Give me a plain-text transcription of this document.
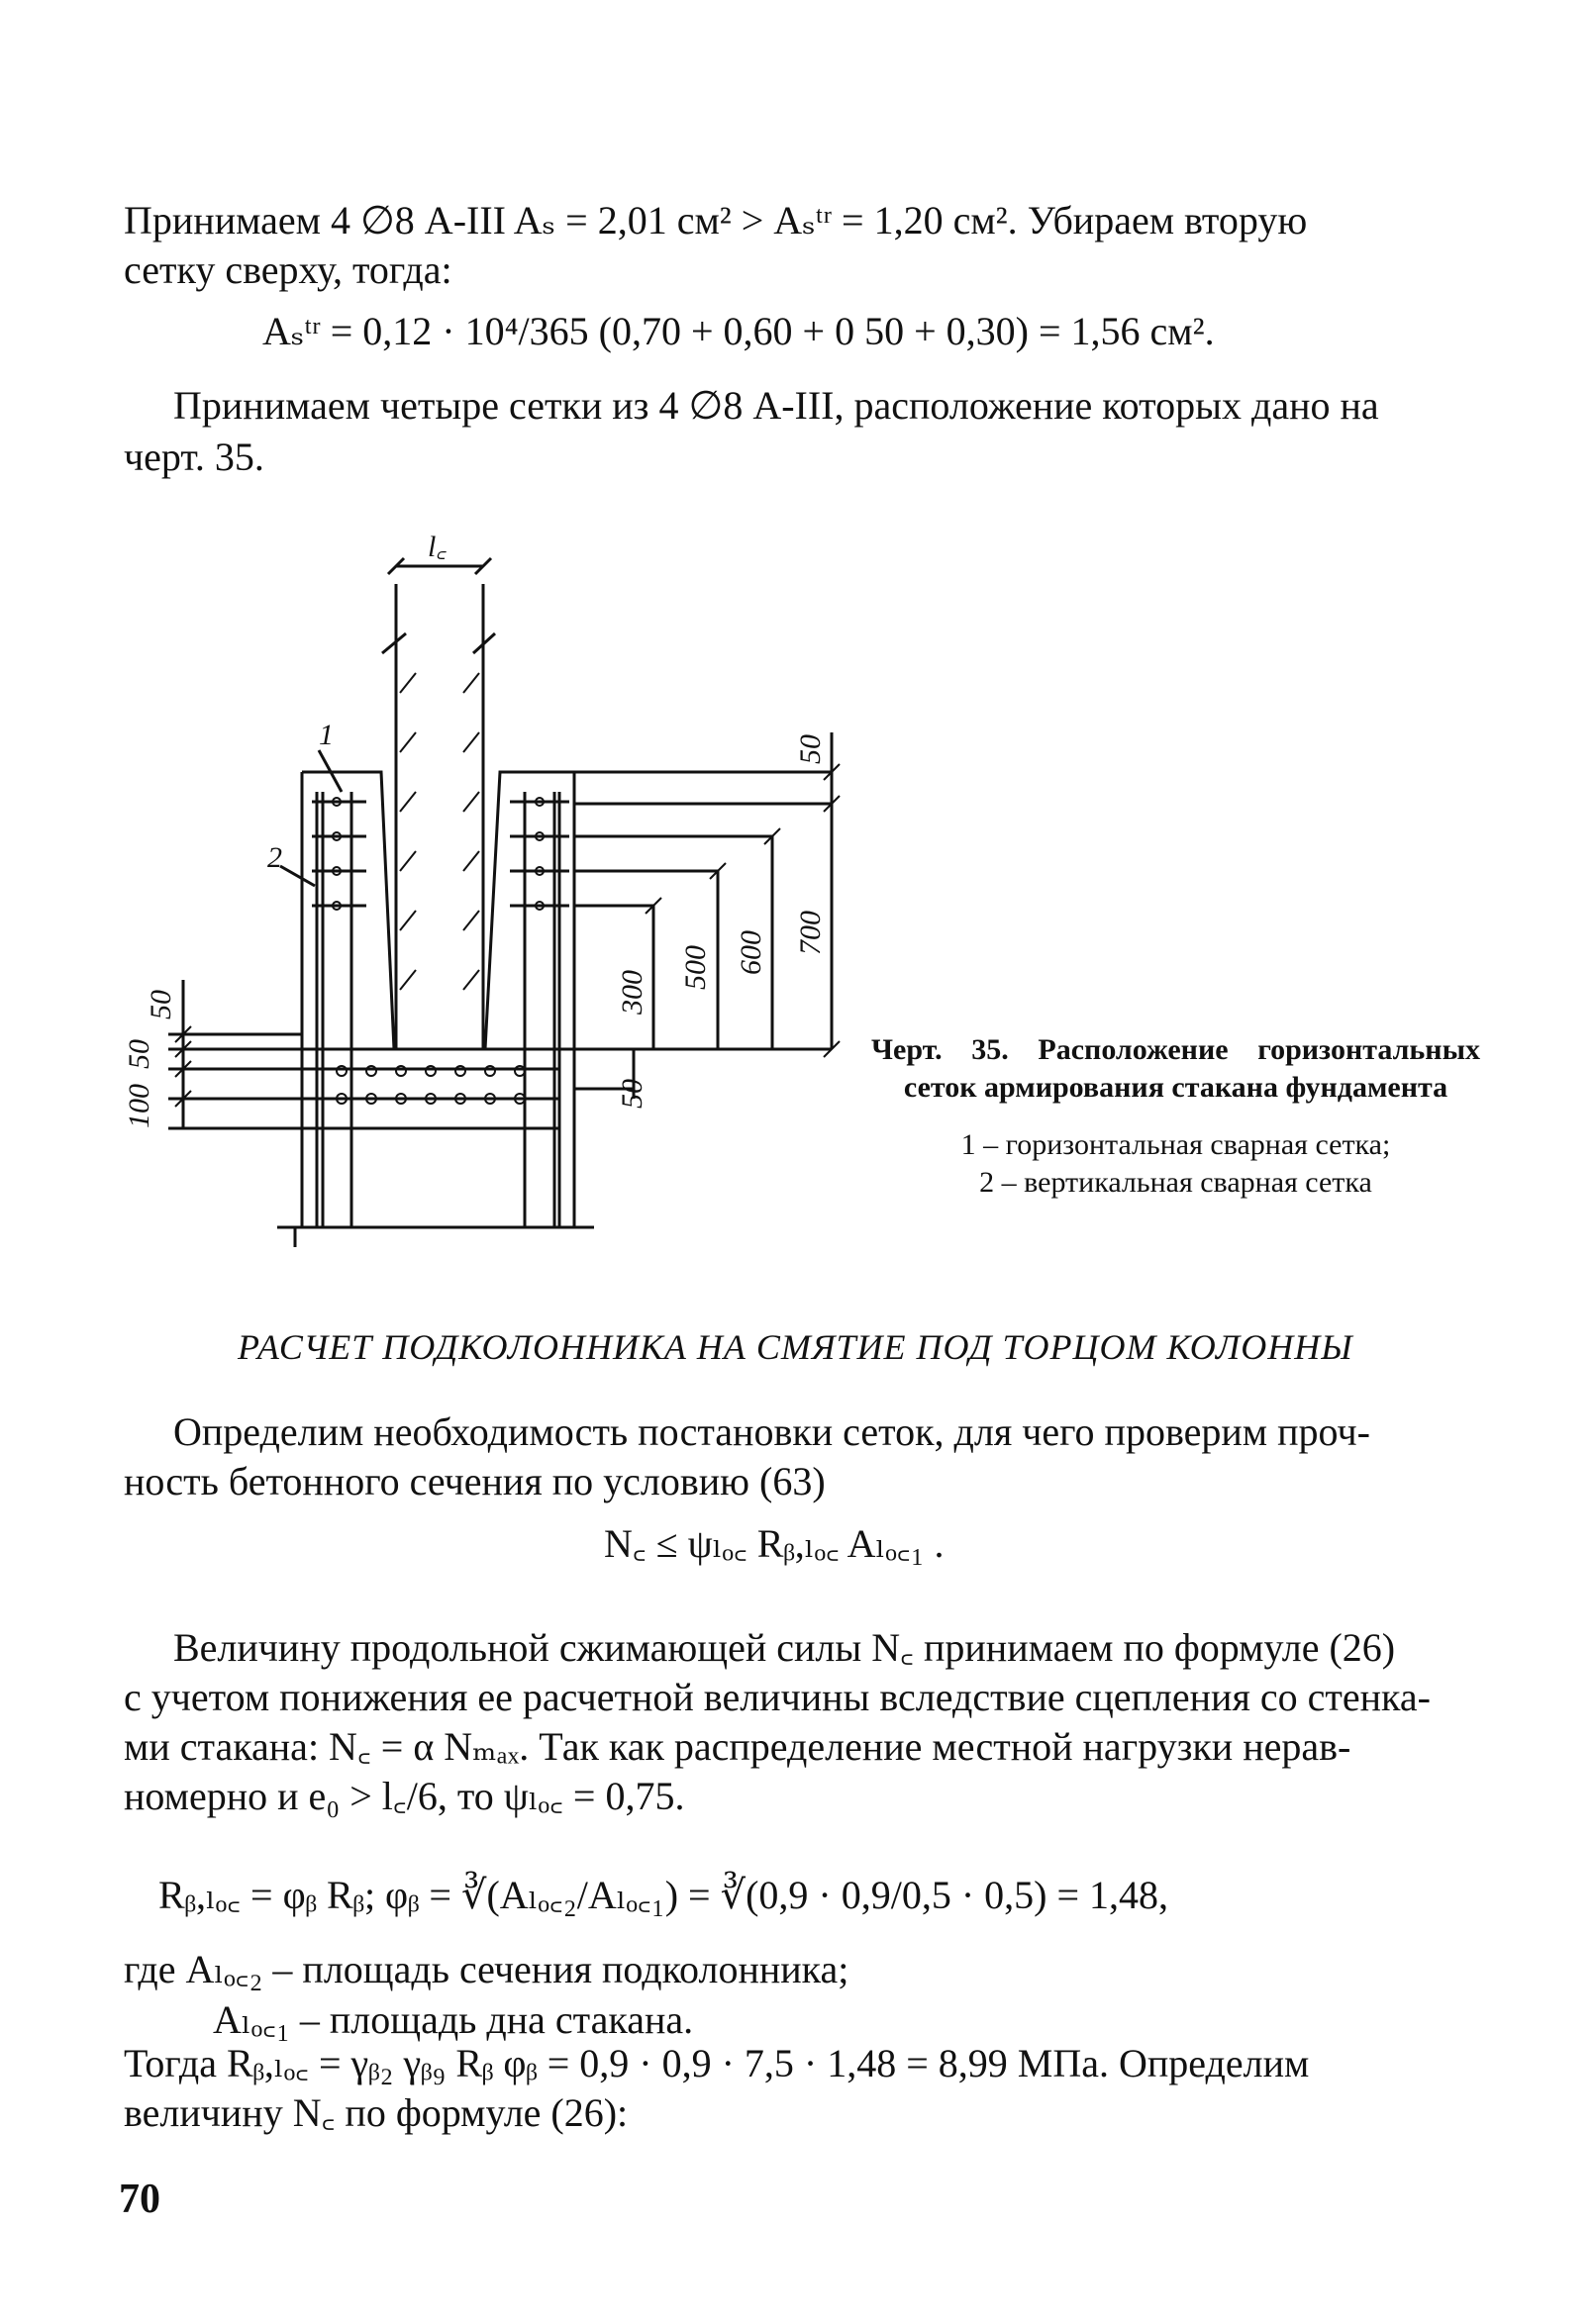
Принимаем 4 ∅8 А-III Aₛ = 2,01 см² > Aₛᵗʳ = 1,20 см². Убираем вторую
сетку сверху, тогда:
Aₛᵗʳ = 0,12 · 10⁴/365 (0,70 + 0,60 + 0 50 + 0,30) = 1,56 см².
Принимаем четыре сетки из 4 ∅8 А-III, расположение которых дано на
черт. 35.
l꜀
1
2
50
700
600
500
300
50
50
50
100
Черт. 35. Расположение горизонтальных сеток армирования стакана фундамента
1 – горизонтальная сварная сетка;
2 – вертикальная сварная сетка
РАСЧЕТ ПОДКОЛОННИКА НА СМЯТИЕ ПОД ТОРЦОМ КОЛОННЫ
Определим необходимость постановки сеток, для чего проверим проч-
ность бетонного сечения по условию (63)
N꜀ ≤ ψₗₒ꜀ Rᵦ,ₗₒ꜀ Aₗₒ꜀₁ .
Величину продольной сжимающей силы N꜀ принимаем по формуле (26)
с учетом понижения ее расчетной величины вследствие сцепления со стенка-
ми стакана: N꜀ = α Nₘₐₓ. Так как распределение местной нагрузки нерав-
номерно и e₀ > l꜀/6, то ψₗₒ꜀ = 0,75.
Rᵦ,ₗₒ꜀ = φᵦ Rᵦ; φᵦ = ∛(Aₗₒ꜀₂/Aₗₒ꜀₁) = ∛(0,9 · 0,9/0,5 · 0,5) = 1,48,
где Aₗₒ꜀₂ – площадь сечения подколонника;
Aₗₒ꜀₁ – площадь дна стакана.
Тогда Rᵦ,ₗₒ꜀ = γᵦ₂ γᵦ₉ Rᵦ φᵦ = 0,9 · 0,9 · 7,5 · 1,48 = 8,99 МПа. Определим
величину N꜀ по формуле (26):
70
